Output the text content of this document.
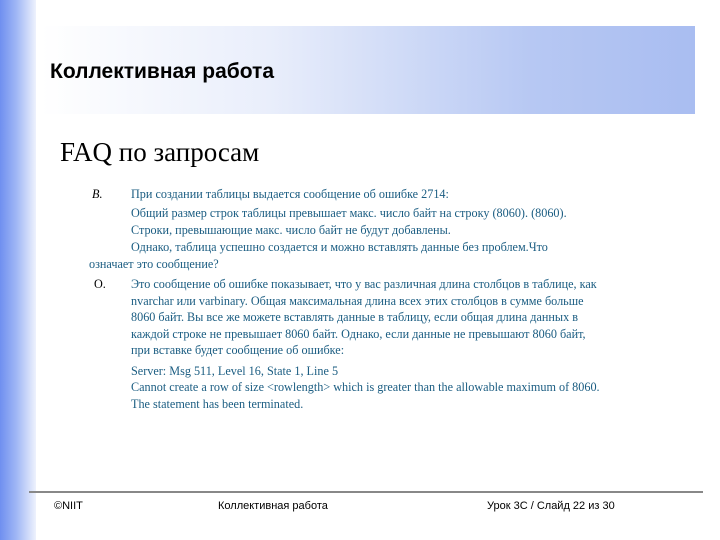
Коллективная работа
FAQ по запросам
В. При создании таблицы выдается сообщение об ошибке 2714:
Общий размер строк таблицы превышает макс. число байт на строку (8060). (8060).
Строки, превышающие макс. число байт не будут добавлены.
Однако, таблица успешно создается и можно вставлять данные без проблем.Что
означает это сообщение?
О. Это сообщение об ошибке показывает, что у вас различная длина столбцов в таблице, как
nvarchar или varbinary. Общая максимальная длина всех этих столбцов в сумме больше
8060 байт. Вы все же можете вставлять данные в таблицу, если общая длина данных в
каждой строке не превышает 8060 байт. Однако, если данные не превышают 8060 байт,
при вставке будет сообщение об ошибке:
Server: Msg 511, Level 16, State 1, Line 5
Cannot create a row of size <rowlength> which is greater than the allowable maximum of 8060.
The statement has been terminated.
©NIIT	Коллективная работа	Урок 3C / Слайд 22 из 30
